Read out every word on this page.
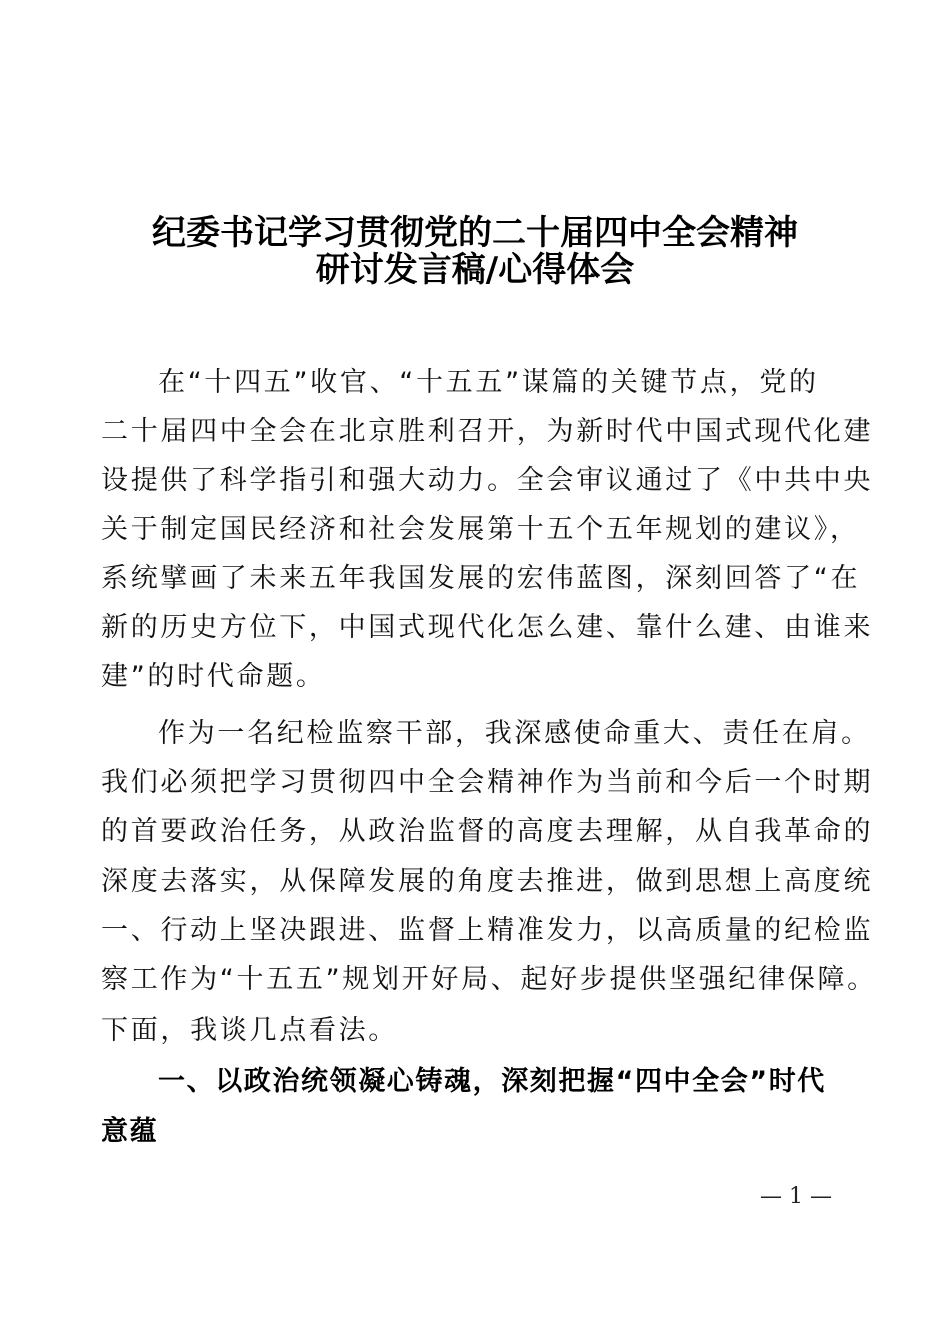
纪委书记学习贯彻党的二十届四中全会精神
研讨发言稿/心得体会
在“十四五”收官、“十五五”谋篇的关键节点，党的
二十届四中全会在北京胜利召开，为新时代中国式现代化建
设提供了科学指引和强大动力。全会审议通过了《中共中央
关于制定国民经济和社会发展第十五个五年规划的建议》，
系统擘画了未来五年我国发展的宏伟蓝图，深刻回答了“在
新的历史方位下，中国式现代化怎么建、靠什么建、由谁来
建”的时代命题。
作为一名纪检监察干部，我深感使命重大、责任在肩。
我们必须把学习贯彻四中全会精神作为当前和今后一个时期
的首要政治任务，从政治监督的高度去理解，从自我革命的
深度去落实，从保障发展的角度去推进，做到思想上高度统
一、行动上坚决跟进、监督上精准发力，以高质量的纪检监
察工作为“十五五”规划开好局、起好步提供坚强纪律保障。
下面，我谈几点看法。
一、以政治统领凝心铸魂，深刻把握“四中全会”时代
意蕴
— 1 —
